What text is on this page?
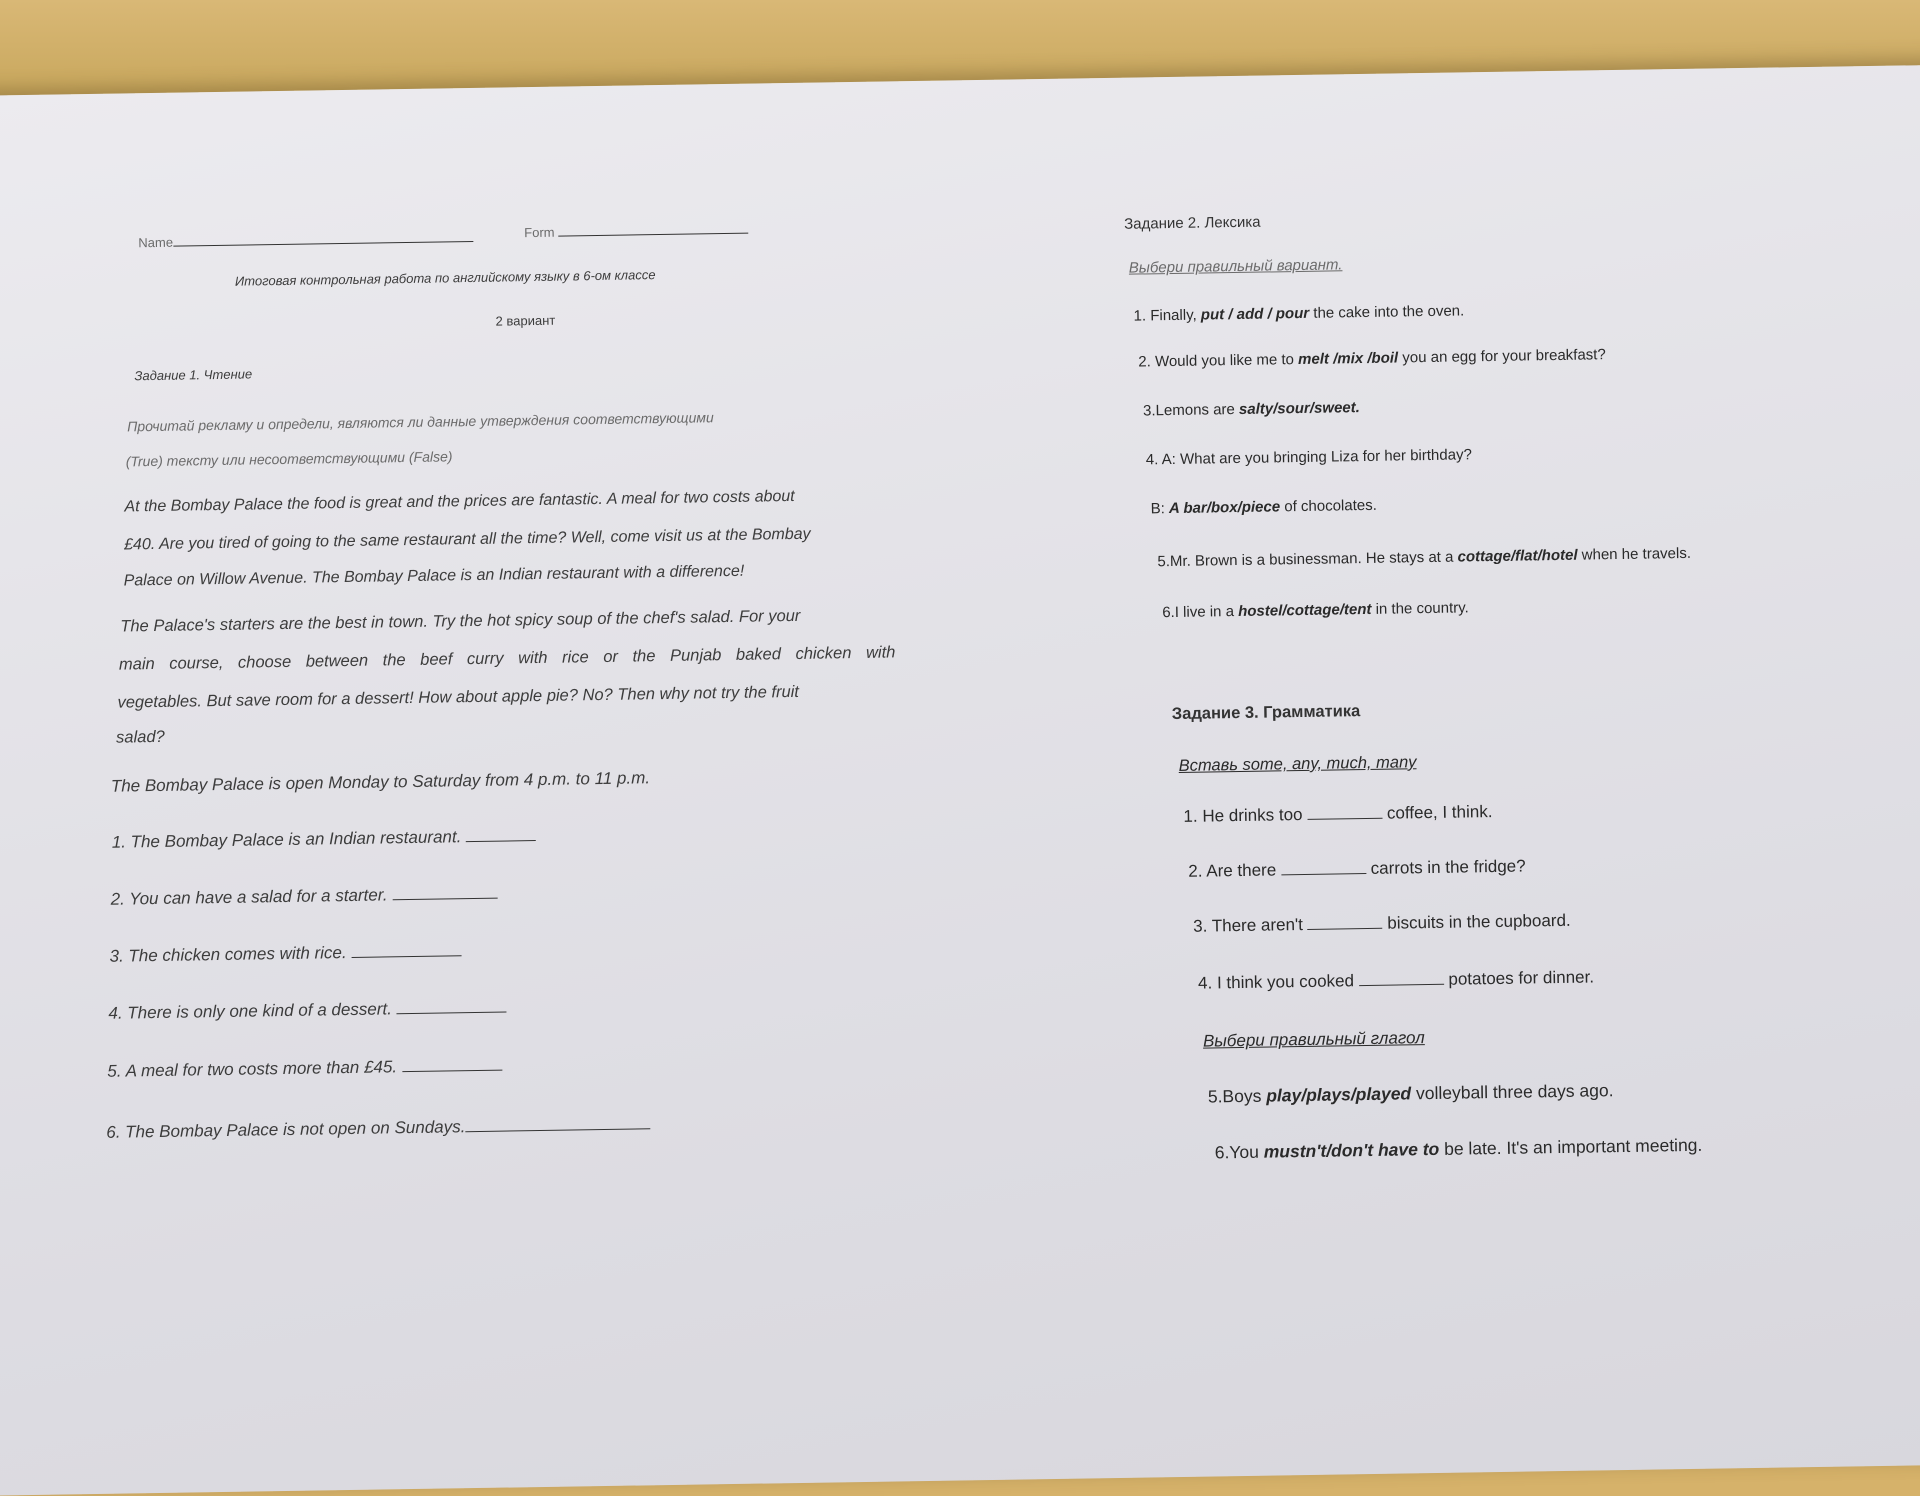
Name
Form
Итоговая контрольная работа по английскому языку в 6-ом классе
2 вариант
Задание 1. Чтение
Прочитай рекламу и определи, являются ли данные утверждения соответствующими
(True) тексту или несоответствующими (False)
At the Bombay Palace the food is great and the prices are fantastic. A meal for two costs about
£40. Are you tired of going to the same restaurant all the time? Well, come visit us at the Bombay
Palace on Willow Avenue. The Bombay Palace is an Indian restaurant with a difference!
The Palace's starters are the best in town. Try the hot spicy soup of the chef's salad. For your
main course, choose between the beef curry with rice or the Punjab baked chicken with
vegetables. But save room for a dessert! How about apple pie? No? Then why not try the fruit
salad?
The Bombay Palace is open Monday to Saturday from 4 p.m. to 11 p.m.
1. The Bombay Palace is an Indian restaurant.
2. You can have a salad for a starter.
3. The chicken comes with rice.
4. There is only one kind of a dessert.
5. A meal for two costs more than £45.
6. The Bombay Palace is not open on Sundays.
Задание 2. Лексика
Выбери правильный вариант.
1. Finally, put / add / pour the cake into the oven.
2. Would you like me to melt /mix /boil you an egg for your breakfast?
3.Lemons are salty/sour/sweet.
4. A: What are you bringing Liza for her birthday?
B: A bar/box/piece of chocolates.
5.Mr. Brown is a businessman. He stays at a cottage/flat/hotel when he travels.
6.I live in a hostel/cottage/tent in the country.
Задание 3. Грамматика
Вставь some, any, much, many
1. He drinks too	coffee, I think.
2. Are there	carrots in the fridge?
3. There aren't	biscuits in the cupboard.
4. I think you cooked	potatoes for dinner.
Выбери правильный глагол
5.Boys play/plays/played volleyball three days ago.
6.You mustn't/don't have to be late. It's an important meeting.
